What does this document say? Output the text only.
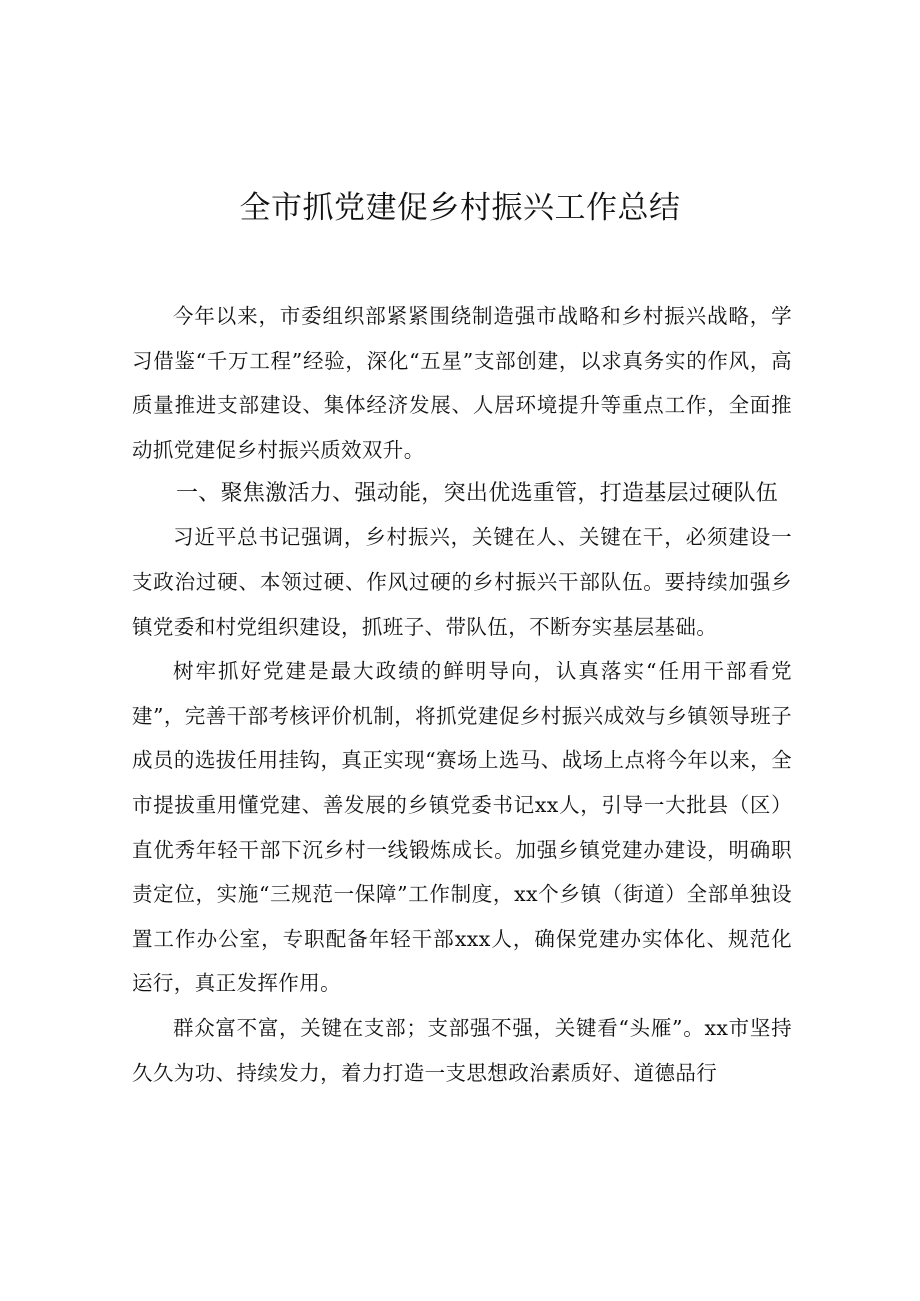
全市抓党建促乡村振兴工作总结

今年以来，市委组织部紧紧围绕制造强市战略和乡村振兴战略，学习借鉴“千万工程”经验，深化“五星”支部创建，以求真务实的作风，高质量推进支部建设、集体经济发展、人居环境提升等重点工作，全面推动抓党建促乡村振兴质效双升。

一、聚焦激活力、强动能，突出优选重管，打造基层过硬队伍

习近平总书记强调，乡村振兴，关键在人、关键在干，必须建设一支政治过硬、本领过硬、作风过硬的乡村振兴干部队伍。要持续加强乡镇党委和村党组织建设，抓班子、带队伍，不断夯实基层基础。

树牢抓好党建是最大政绩的鲜明导向，认真落实“任用干部看党建”，完善干部考核评价机制，将抓党建促乡村振兴成效与乡镇领导班子成员的选拔任用挂钩，真正实现“赛场上选马、战场上点将今年以来，全市提拔重用懂党建、善发展的乡镇党委书记xx人，引导一大批县（区）直优秀年轻干部下沉乡村一线锻炼成长。加强乡镇党建办建设，明确职责定位，实施“三规范一保障”工作制度，xx个乡镇（街道）全部单独设置工作办公室，专职配备年轻干部xxx人，确保党建办实体化、规范化运行，真正发挥作用。

群众富不富，关键在支部；支部强不强，关键看“头雁”。xx市坚持久久为功、持续发力，着力打造一支思想政治素质好、道德品行
